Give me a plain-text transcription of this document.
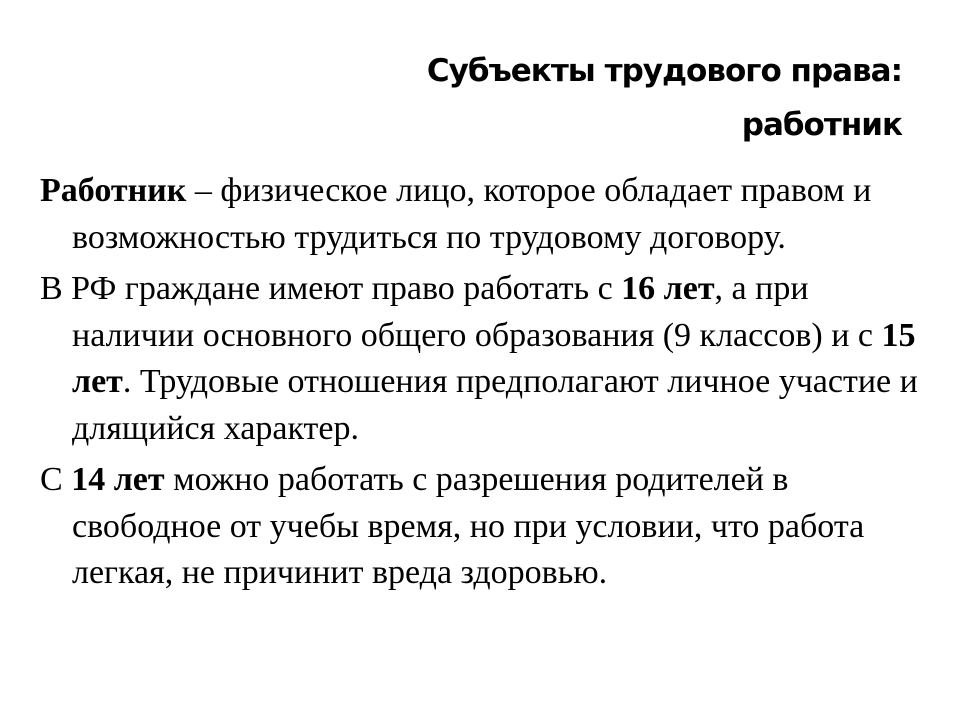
Субъекты трудового права:
работник

Работник – физическое лицо, которое обладает правом и возможностью трудиться по трудовому договору.

В РФ граждане имеют право работать с 16 лет, а при наличии основного общего образования (9 классов) и с 15 лет. Трудовые отношения предполагают личное участие и длящийся характер.

С 14 лет можно работать с разрешения родителей в свободное от учебы время, но при условии, что работа легкая, не причинит вреда здоровью.
